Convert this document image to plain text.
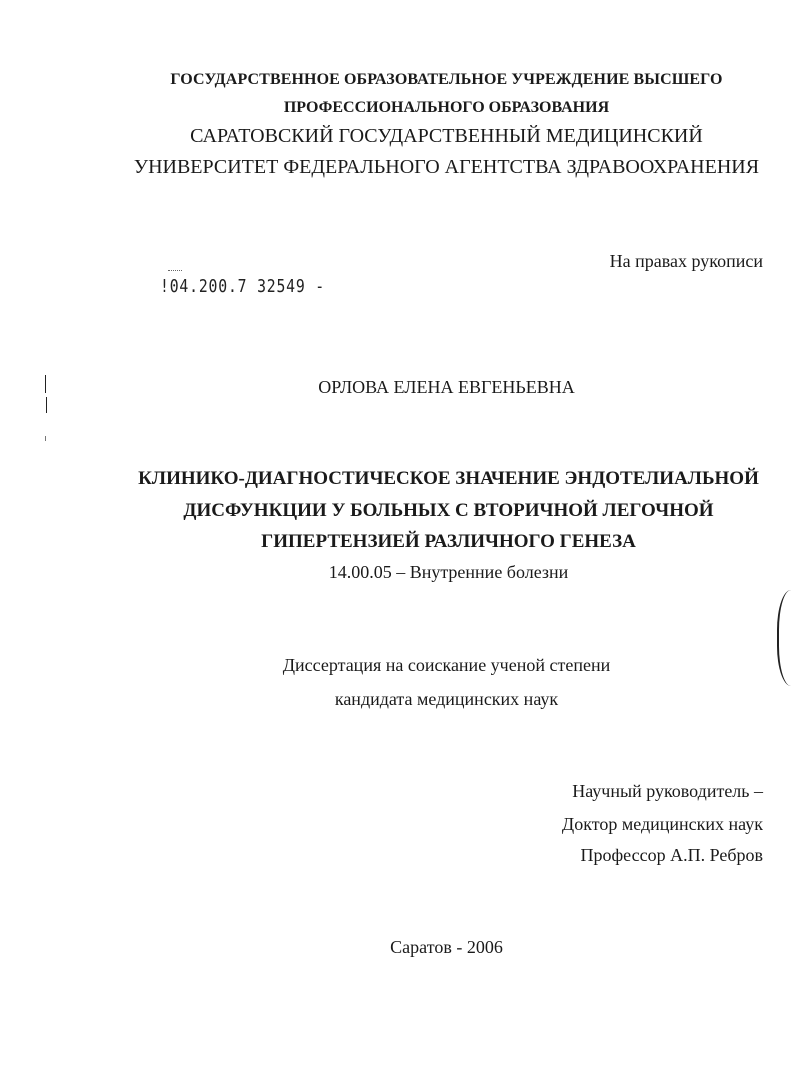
ГОСУДАРСТВЕННОЕ ОБРАЗОВАТЕЛЬНОЕ УЧРЕЖДЕНИЕ ВЫСШЕГО
ПРОФЕССИОНАЛЬНОГО ОБРАЗОВАНИЯ
САРАТОВСКИЙ ГОСУДАРСТВЕННЫЙ МЕДИЦИНСКИЙ
УНИВЕРСИТЕТ ФЕДЕРАЛЬНОГО АГЕНТСТВА ЗДРАВООХРАНЕНИЯ
На правах рукописи
!04.200.7 32549 -
ОРЛОВА ЕЛЕНА ЕВГЕНЬЕВНА
КЛИНИКО-ДИАГНОСТИЧЕСКОЕ ЗНАЧЕНИЕ ЭНДОТЕЛИАЛЬНОЙ
ДИСФУНКЦИИ У БОЛЬНЫХ С ВТОРИЧНОЙ ЛЕГОЧНОЙ
ГИПЕРТЕНЗИЕЙ РАЗЛИЧНОГО ГЕНЕЗА
14.00.05 – Внутренние болезни
Диссертация на соискание ученой степени
кандидата медицинских наук
Научный руководитель –
Доктор медицинских наук
Профессор А.П. Ребров
Саратов - 2006
